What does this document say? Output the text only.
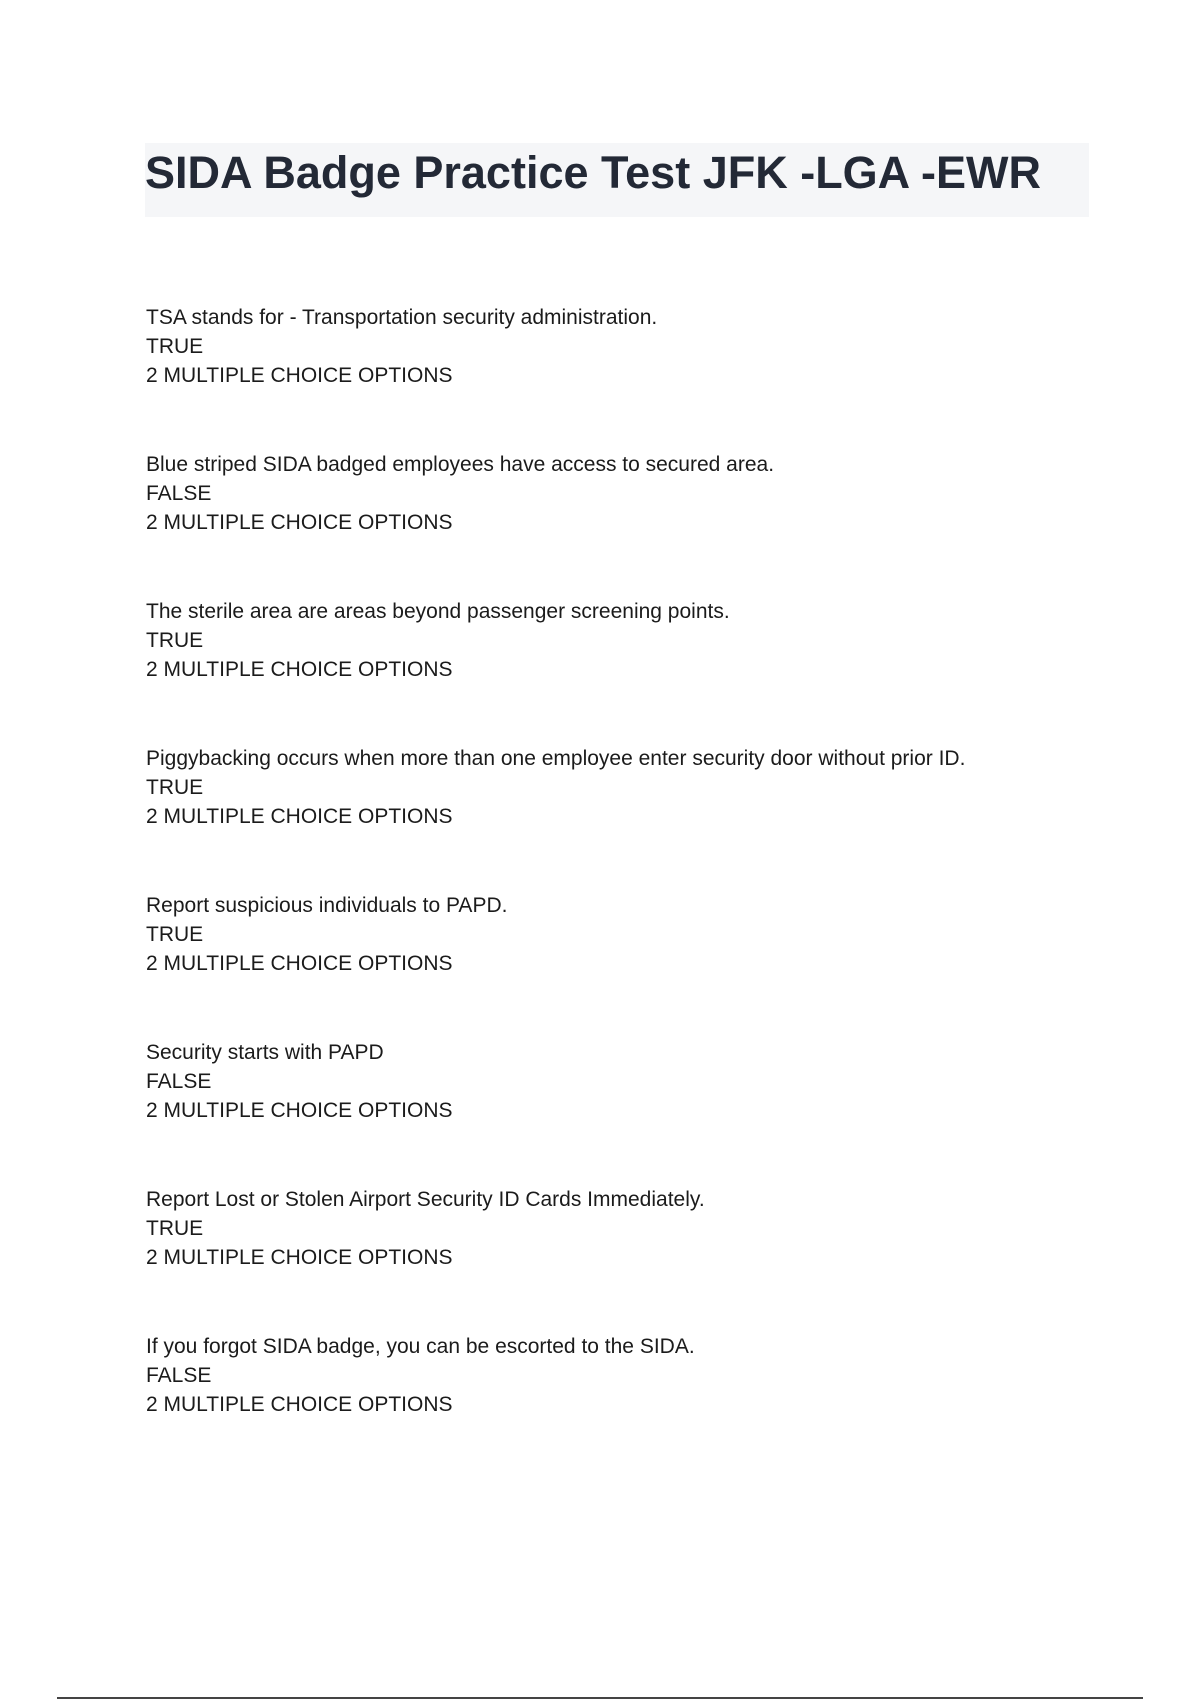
SIDA Badge Practice Test JFK -LGA -EWR
TSA stands for - Transportation security administration.
TRUE
2 MULTIPLE CHOICE OPTIONS
Blue striped SIDA badged employees have access to secured area.
FALSE
2 MULTIPLE CHOICE OPTIONS
The sterile area are areas beyond passenger screening points.
TRUE
2 MULTIPLE CHOICE OPTIONS
Piggybacking occurs when more than one employee enter security door without prior ID.
TRUE
2 MULTIPLE CHOICE OPTIONS
Report suspicious individuals to PAPD.
TRUE
2 MULTIPLE CHOICE OPTIONS
Security starts with PAPD
FALSE
2 MULTIPLE CHOICE OPTIONS
Report Lost or Stolen Airport Security ID Cards Immediately.
TRUE
2 MULTIPLE CHOICE OPTIONS
If you forgot SIDA badge, you can be escorted to the SIDA.
FALSE
2 MULTIPLE CHOICE OPTIONS
